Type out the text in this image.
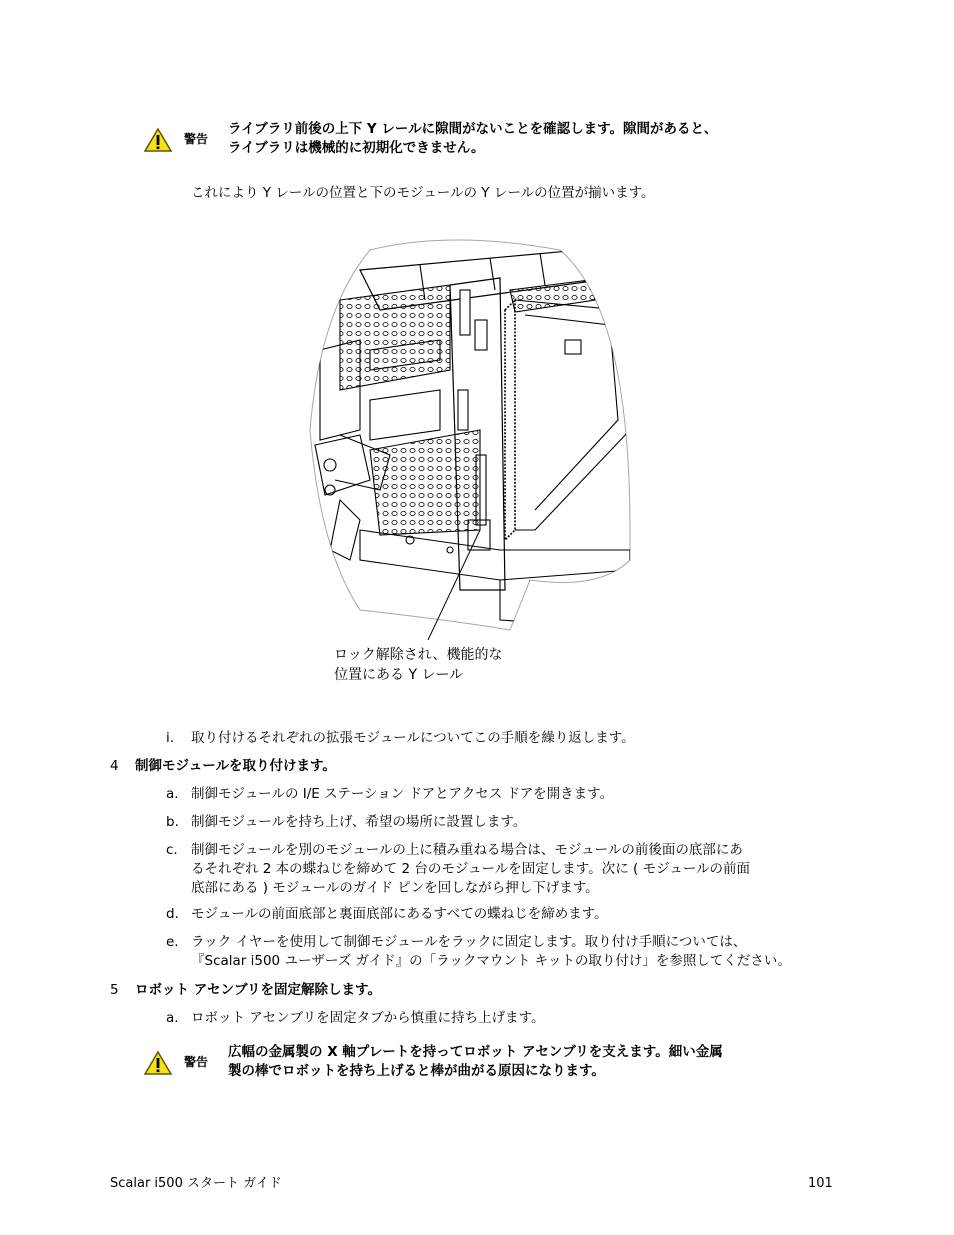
警告
ライブラリ前後の上下 Y レールに隙間がないことを確認します。隙間があると、
ライブラリは機械的に初期化できません。
これにより Y レールの位置と下のモジュールの Y レールの位置が揃います。
ロック解除され、機能的な
位置にある Y レール
i. 取り付けるそれぞれの拡張モジュールについてこの手順を繰り返します。
4 制御モジュールを取り付けます。
a. 制御モジュールの I/E ステーション ドアとアクセス ドアを開きます。
b. 制御モジュールを持ち上げ、希望の場所に設置します。
c. 制御モジュールを別のモジュールの上に積み重ねる場合は、モジュールの前後面の底部にあ
るそれぞれ 2 本の蝶ねじを締めて 2 台のモジュールを固定します。次に ( モジュールの前面
底部にある ) モジュールのガイド ピンを回しながら押し下げます。
d. モジュールの前面底部と裏面底部にあるすべての蝶ねじを締めます。
e. ラック イヤーを使用して制御モジュールをラックに固定します。取り付け手順については、
『Scalar i500 ユーザーズ ガイド』の「ラックマウント キットの取り付け」を参照してください。
5 ロボット アセンブリを固定解除します。
a. ロボット アセンブリを固定タブから慎重に持ち上げます。
警告
広幅の金属製の X 軸プレートを持ってロボット アセンブリを支えます。細い金属
製の棒でロボットを持ち上げると棒が曲がる原因になります。
Scalar i500 スタート ガイド	101
